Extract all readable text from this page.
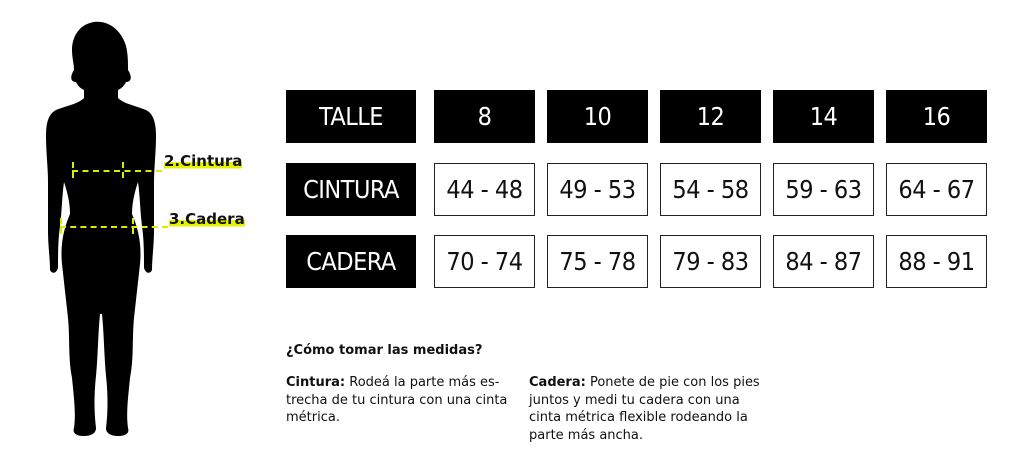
2.Cintura
3.Cadera
TALLE	8	10	12	14	16
CINTURA	44 - 48	49 - 53	54 - 58	59 - 63	64 - 67
CADERA	70 - 74	75 - 78	79 - 83	84 - 87	88 - 91
¿Cómo tomar las medidas?
Cintura: Rodeá la parte más es-
trecha de tu cintura con una cinta
métrica.
Cadera: Ponete de pie con los pies
juntos y medi tu cadera con una
cinta métrica flexible rodeando la
parte más ancha.
